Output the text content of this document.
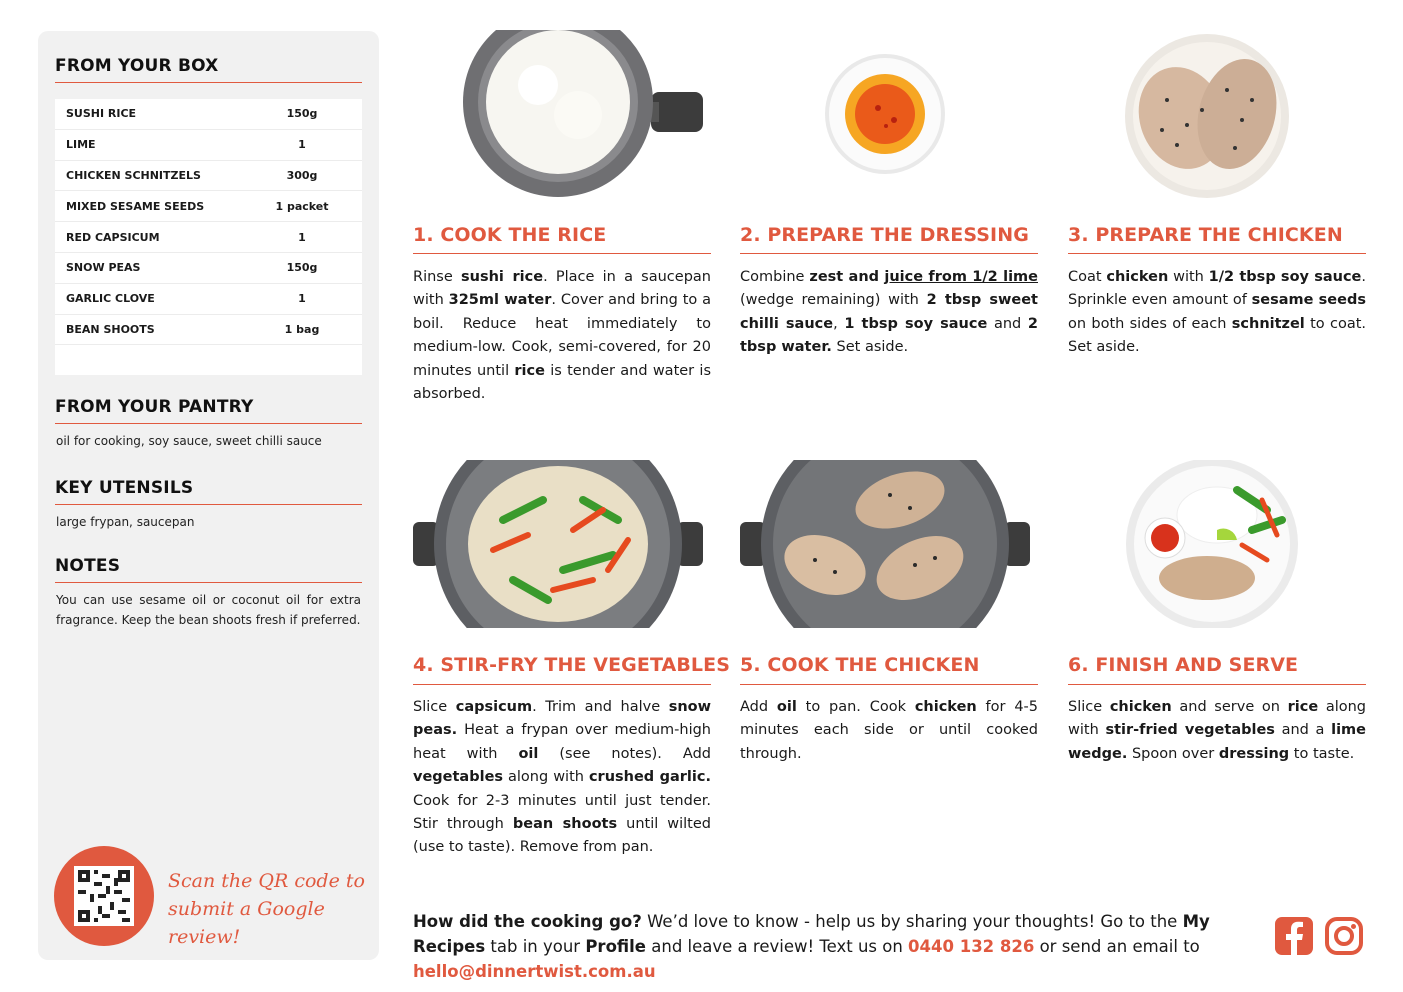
FROM YOUR BOX
SUSHI RICE	150g
LIME	1
CHICKEN SCHNITZELS	300g
MIXED SESAME SEEDS	1 packet
RED CAPSICUM	1
SNOW PEAS	150g
GARLIC CLOVE	1
BEAN SHOOTS	1 bag
FROM YOUR PANTRY
oil for cooking, soy sauce, sweet chilli sauce
KEY UTENSILS
large frypan, saucepan
NOTES
You can use sesame oil or coconut oil for extra fragrance. Keep the bean shoots fresh if preferred.
Scan the QR code to
submit a Google review!
1. COOK THE RICE
Rinse sushi rice. Place in a saucepan with 325ml water. Cover and bring to a boil. Reduce heat immediately to medium-low. Cook, semi-covered, for 20 minutes until rice is tender and water is absorbed.
2. PREPARE THE DRESSING
Combine zest and juice from 1/2 lime (wedge remaining) with 2 tbsp sweet chilli sauce, 1 tbsp soy sauce and 2 tbsp water. Set aside.
3. PREPARE THE CHICKEN
Coat chicken with 1/2 tbsp soy sauce. Sprinkle even amount of sesame seeds on both sides of each schnitzel to coat. Set aside.
4. STIR-FRY THE VEGETABLES
Slice capsicum. Trim and halve snow peas. Heat a frypan over medium-high heat with oil (see notes). Add vegetables along with crushed garlic. Cook for 2-3 minutes until just tender. Stir through bean shoots until wilted (use to taste). Remove from pan.
5. COOK THE CHICKEN
Add oil to pan. Cook chicken for 4-5 minutes each side or until cooked through.
6. FINISH AND SERVE
Slice chicken and serve on rice along with stir-fried vegetables and a lime wedge. Spoon over dressing to taste.
How did the cooking go? We’d love to know - help us by sharing your thoughts! Go to the My Recipes tab in your Profile and leave a review! Text us on 0440 132 826 or send an email to hello@dinnertwist.com.au
